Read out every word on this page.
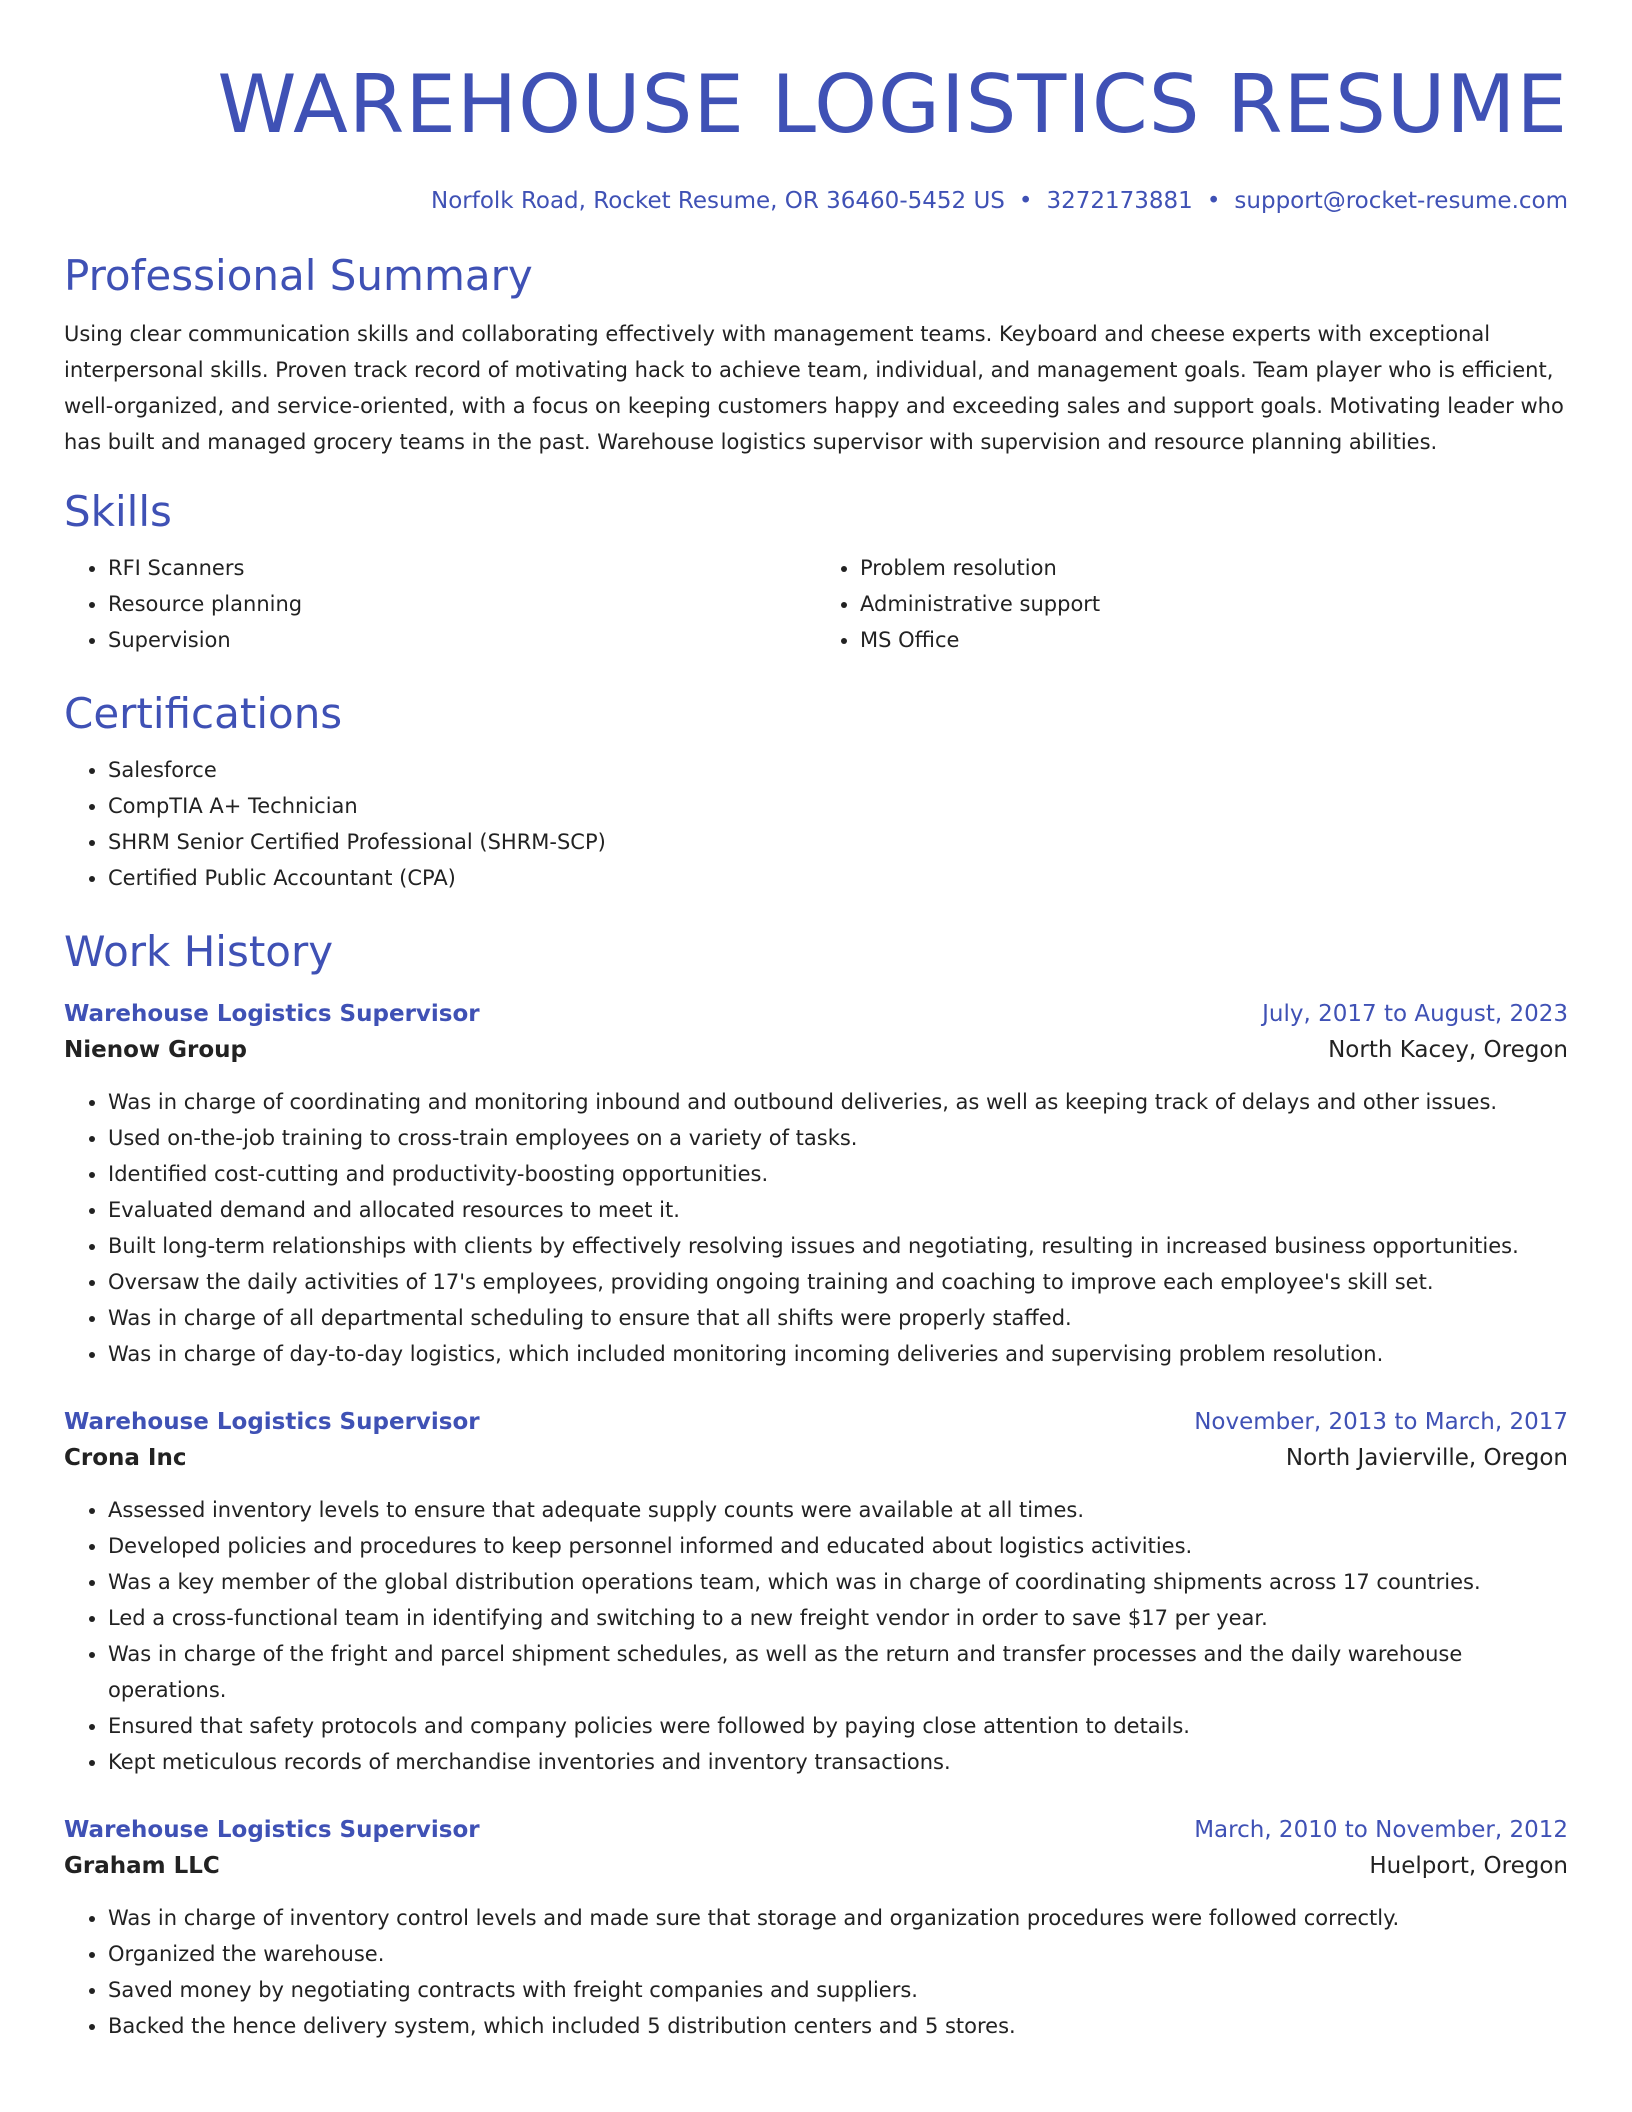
WAREHOUSE LOGISTICS RESUME
Norfolk Road, Rocket Resume, OR 36460-5452 US • 3272173881 • support@rocket-resume.com
Professional Summary
Using clear communication skills and collaborating effectively with management teams. Keyboard and cheese experts with exceptional interpersonal skills. Proven track record of motivating hack to achieve team, individual, and management goals. Team player who is efficient, well-organized, and service-oriented, with a focus on keeping customers happy and exceeding sales and support goals. Motivating leader who has built and managed grocery teams in the past. Warehouse logistics supervisor with supervision and resource planning abilities.
Skills
• RFI Scanners
• Resource planning
• Supervision
• Problem resolution
• Administrative support
• MS Office
Certifications
• Salesforce
• CompTIA A+ Technician
• SHRM Senior Certified Professional (SHRM-SCP)
• Certified Public Accountant (CPA)
Work History
Warehouse Logistics Supervisor	July, 2017 to August, 2023
Nienow Group	North Kacey, Oregon
• Was in charge of coordinating and monitoring inbound and outbound deliveries, as well as keeping track of delays and other issues.
• Used on-the-job training to cross-train employees on a variety of tasks.
• Identified cost-cutting and productivity-boosting opportunities.
• Evaluated demand and allocated resources to meet it.
• Built long-term relationships with clients by effectively resolving issues and negotiating, resulting in increased business opportunities.
• Oversaw the daily activities of 17's employees, providing ongoing training and coaching to improve each employee's skill set.
• Was in charge of all departmental scheduling to ensure that all shifts were properly staffed.
• Was in charge of day-to-day logistics, which included monitoring incoming deliveries and supervising problem resolution.
Warehouse Logistics Supervisor	November, 2013 to March, 2017
Crona Inc	North Javierville, Oregon
• Assessed inventory levels to ensure that adequate supply counts were available at all times.
• Developed policies and procedures to keep personnel informed and educated about logistics activities.
• Was a key member of the global distribution operations team, which was in charge of coordinating shipments across 17 countries.
• Led a cross-functional team in identifying and switching to a new freight vendor in order to save $17 per year.
• Was in charge of the fright and parcel shipment schedules, as well as the return and transfer processes and the daily warehouse operations.
• Ensured that safety protocols and company policies were followed by paying close attention to details.
• Kept meticulous records of merchandise inventories and inventory transactions.
Warehouse Logistics Supervisor	March, 2010 to November, 2012
Graham LLC	Huelport, Oregon
• Was in charge of inventory control levels and made sure that storage and organization procedures were followed correctly.
• Organized the warehouse.
• Saved money by negotiating contracts with freight companies and suppliers.
• Backed the hence delivery system, which included 5 distribution centers and 5 stores.
